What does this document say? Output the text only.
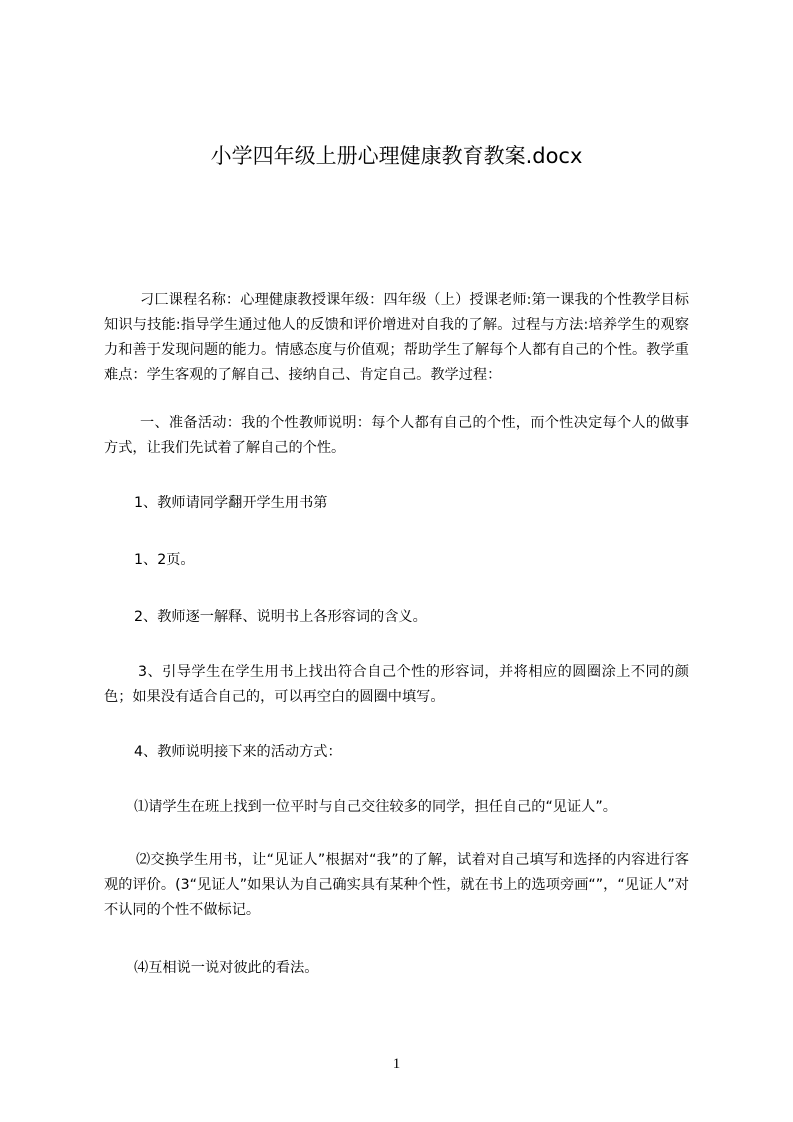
小学四年级上册心理健康教育教案.docx

刁匚课程名称：心理健康教授课年级：四年级（上）授课老师:第一课我的个性教学目标知识与技能:指导学生通过他人的反馈和评价增进对自我的了解。过程与方法:培养学生的观察力和善于发现问题的能力。情感态度与价值观；帮助学生了解每个人都有自己的个性。教学重难点：学生客观的了解自己、接纳自己、肯定自己。教学过程：

一、准备活动：我的个性教师说明：每个人都有自己的个性，而个性决定每个人的做事方式，让我们先试着了解自己的个性。

1、教师请同学翻开学生用书第

1、2页。

2、教师逐一解释、说明书上各形容词的含义。

3、引导学生在学生用书上找出符合自己个性的形容词，并将相应的圆圈涂上不同的颜色；如果没有适合自己的，可以再空白的圆圈中填写。

4、教师说明接下来的活动方式：

⑴请学生在班上找到一位平时与自己交往较多的同学，担任自己的“见证人”。

⑵交换学生用书，让“见证人”根据对“我”的了解，试着对自己填写和选择的内容进行客观的评价。(3“见证人”如果认为自己确实具有某种个性，就在书上的选项旁画“”，“见证人”对不认同的个性不做标记。

⑷互相说一说对彼此的看法。

1
